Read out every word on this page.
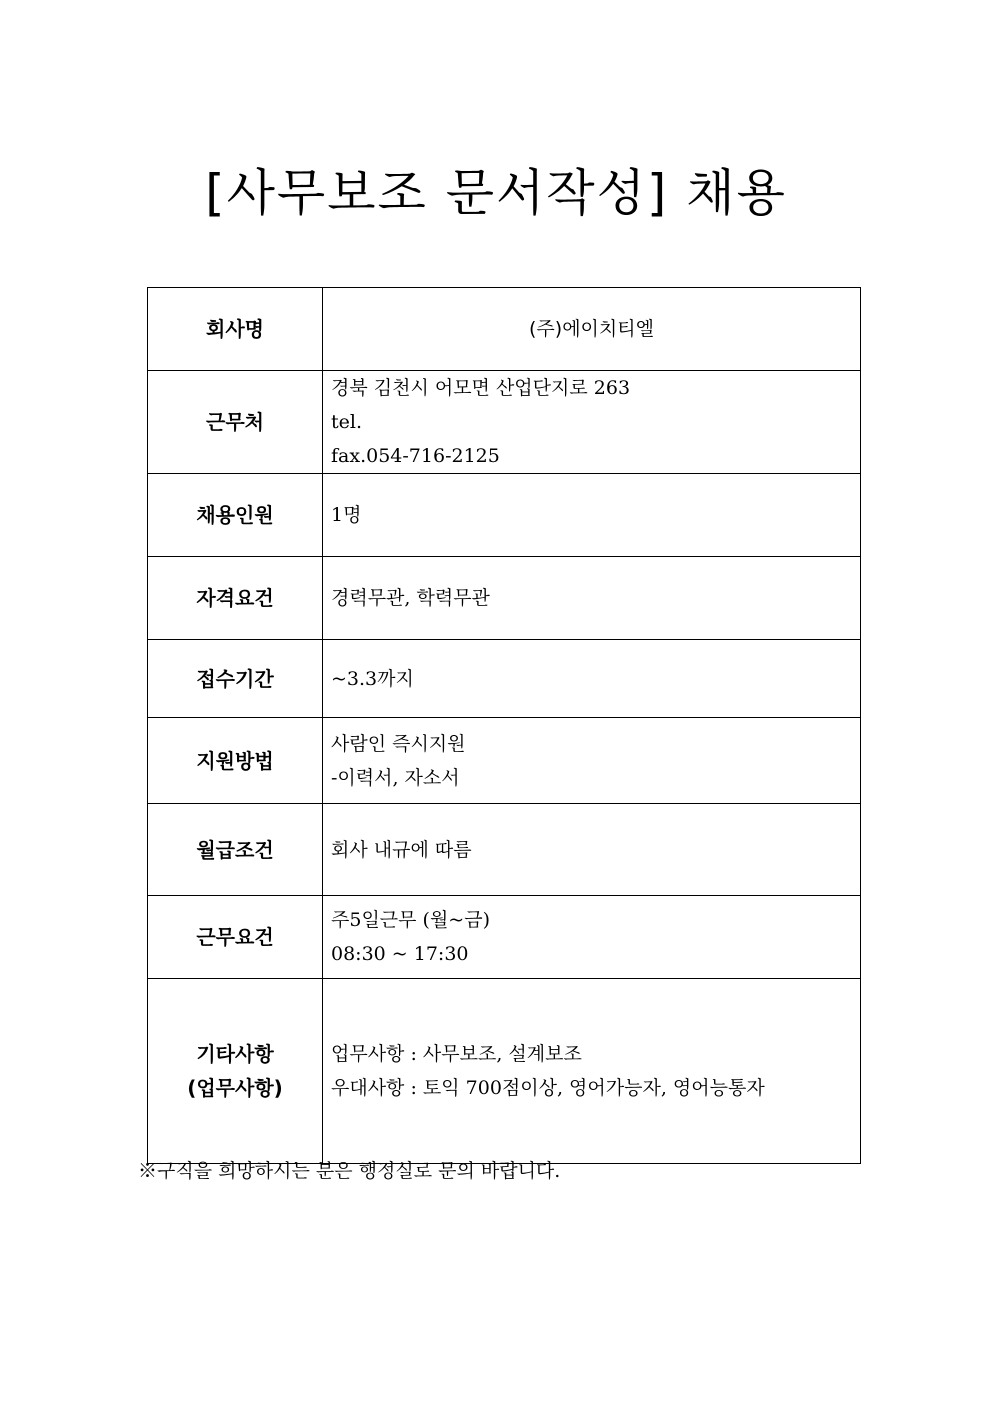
[사무보조 문서작성] 채용
회사명	(주)에이치티엘

근무처	경북 김천시 어모면 산업단지로 263
tel.
fax.054-716-2125

채용인원	1명

자격요건	경력무관, 학력무관

접수기간	~3.3까지

지원방법	사람인 즉시지원
-이력서, 자소서

월급조건	회사 내규에 따름

근무요건	주5일근무 (월~금)
08:30 ~ 17:30

기타사항
(업무사항)	업무사항 : 사무보조, 설계보조
우대사항 : 토익 700점이상, 영어가능자, 영어능통자
※구직을 희망하시는 분은 행정실로 문의 바랍니다.
